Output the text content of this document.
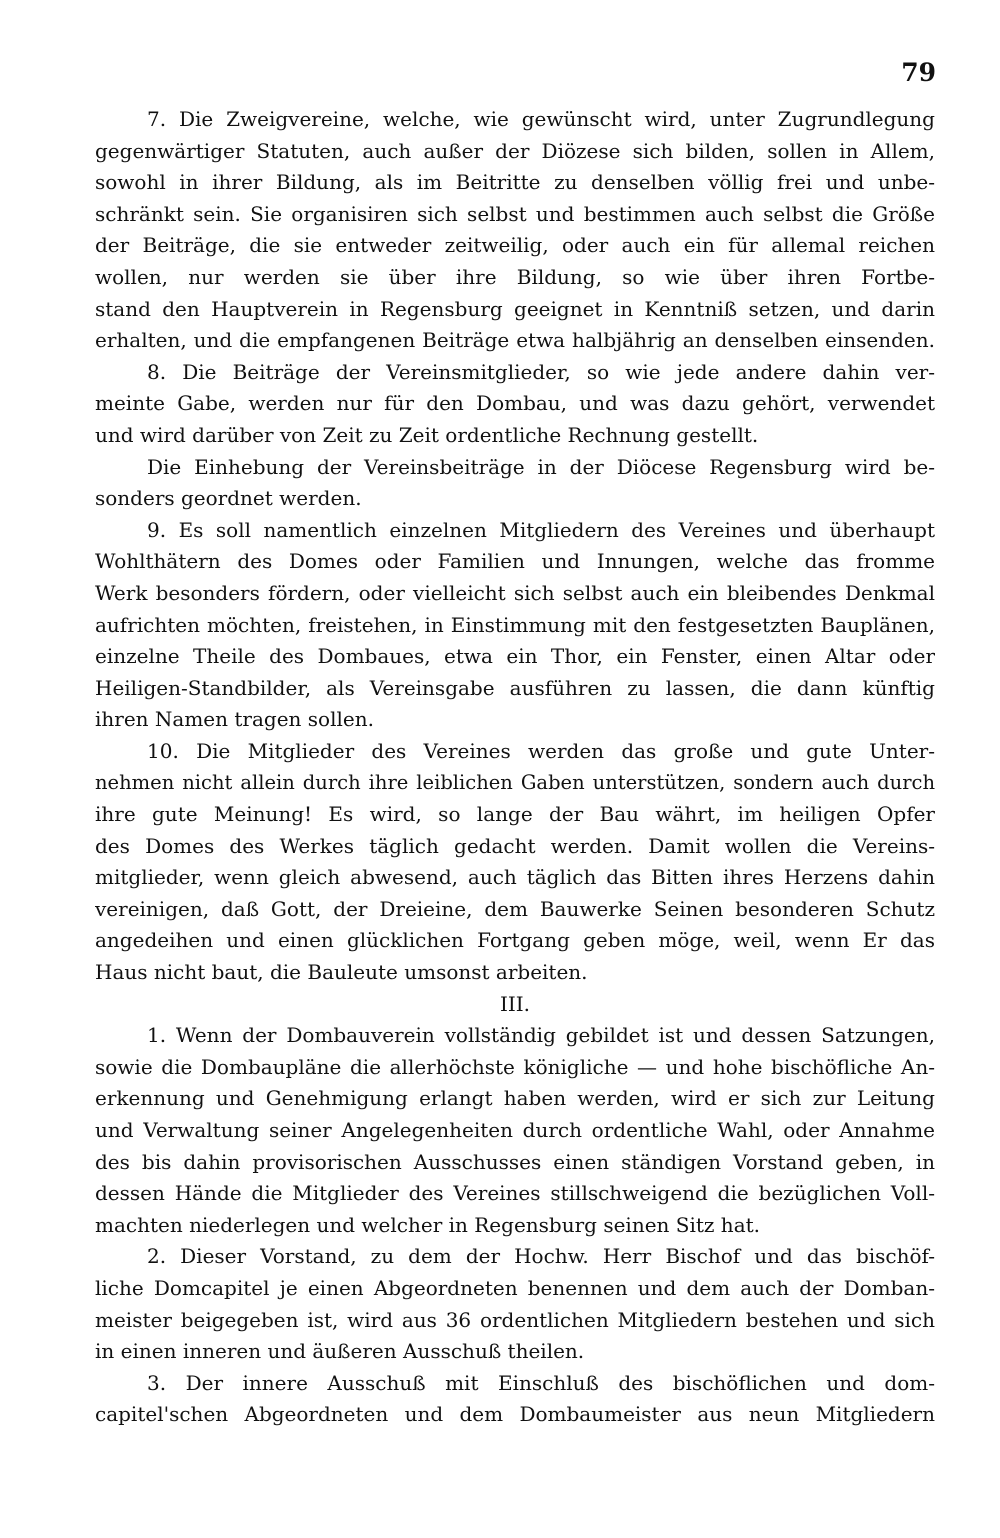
79
7. Die Zweigvereine, welche, wie gewünscht wird, unter Zugrundlegung
gegenwärtiger Statuten, auch außer der Diözese sich bilden, sollen in Allem,
sowohl in ihrer Bildung, als im Beitritte zu denselben völlig frei und unbe-
schränkt sein. Sie organisiren sich selbst und bestimmen auch selbst die Größe
der Beiträge, die sie entweder zeitweilig, oder auch ein für allemal reichen
wollen, nur werden sie über ihre Bildung, so wie über ihren Fortbe-
stand den Hauptverein in Regensburg geeignet in Kenntniß setzen, und darin
erhalten, und die empfangenen Beiträge etwa halbjährig an denselben einsenden.
8. Die Beiträge der Vereinsmitglieder, so wie jede andere dahin ver-
meinte Gabe, werden nur für den Dombau, und was dazu gehört, verwendet
und wird darüber von Zeit zu Zeit ordentliche Rechnung gestellt.
Die Einhebung der Vereinsbeiträge in der Diöcese Regensburg wird be-
sonders geordnet werden.
9. Es soll namentlich einzelnen Mitgliedern des Vereines und überhaupt
Wohlthätern des Domes oder Familien und Innungen, welche das fromme
Werk besonders fördern, oder vielleicht sich selbst auch ein bleibendes Denkmal
aufrichten möchten, freistehen, in Einstimmung mit den festgesetzten Bauplänen,
einzelne Theile des Dombaues, etwa ein Thor, ein Fenster, einen Altar oder
Heiligen-Standbilder, als Vereinsgabe ausführen zu lassen, die dann künftig
ihren Namen tragen sollen.
10. Die Mitglieder des Vereines werden das große und gute Unter-
nehmen nicht allein durch ihre leiblichen Gaben unterstützen, sondern auch durch
ihre gute Meinung! Es wird, so lange der Bau währt, im heiligen Opfer
des Domes des Werkes täglich gedacht werden. Damit wollen die Vereins-
mitglieder, wenn gleich abwesend, auch täglich das Bitten ihres Herzens dahin
vereinigen, daß Gott, der Dreieine, dem Bauwerke Seinen besonderen Schutz
angedeihen und einen glücklichen Fortgang geben möge, weil, wenn Er das
Haus nicht baut, die Bauleute umsonst arbeiten.
III.
1. Wenn der Dombauverein vollständig gebildet ist und dessen Satzungen,
sowie die Dombaupläne die allerhöchste königliche — und hohe bischöfliche An-
erkennung und Genehmigung erlangt haben werden, wird er sich zur Leitung
und Verwaltung seiner Angelegenheiten durch ordentliche Wahl, oder Annahme
des bis dahin provisorischen Ausschusses einen ständigen Vorstand geben, in
dessen Hände die Mitglieder des Vereines stillschweigend die bezüglichen Voll-
machten niederlegen und welcher in Regensburg seinen Sitz hat.
2. Dieser Vorstand, zu dem der Hochw. Herr Bischof und das bischöf-
liche Domcapitel je einen Abgeordneten benennen und dem auch der Domban-
meister beigegeben ist, wird aus 36 ordentlichen Mitgliedern bestehen und sich
in einen inneren und äußeren Ausschuß theilen.
3. Der innere Ausschuß mit Einschluß des bischöflichen und dom-
capitel'schen Abgeordneten und dem Dombaumeister aus neun Mitgliedern
